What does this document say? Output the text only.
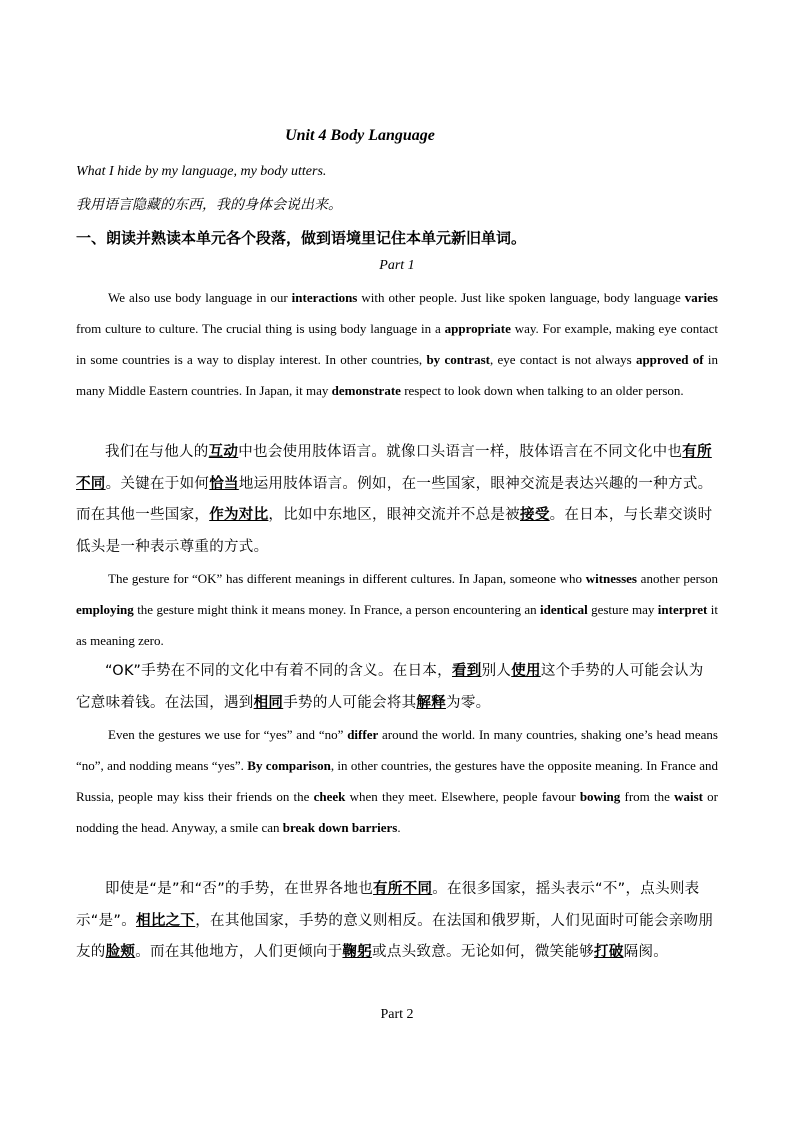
Unit 4 Body Language

What I hide by my language, my body utters.

我用语言隐藏的东西，我的身体会说出来。

一、朗读并熟读本单元各个段落，做到语境里记住本单元新旧单词。

Part 1

We also use body language in our interactions with other people. Just like spoken language, body language varies from culture to culture. The crucial thing is using body language in a appropriate way. For example, making eye contact in some countries is a way to display interest. In other countries, by contrast, eye contact is not always approved of in many Middle Eastern countries. In Japan, it may demonstrate respect to look down when talking to an older person.

我们在与他人的互动中也会使用肢体语言。就像口头语言一样，肢体语言在不同文化中也有所不同。关键在于如何恰当地运用肢体语言。例如，在一些国家，眼神交流是表达兴趣的一种方式。而在其他一些国家，作为对比，比如中东地区，眼神交流并不总是被接受。在日本，与长辈交谈时低头是一种表示尊重的方式。

The gesture for “OK” has different meanings in different cultures. In Japan, someone who witnesses another person employing the gesture might think it means money. In France, a person encountering an identical gesture may interpret it as meaning zero.

“OK”手势在不同的文化中有着不同的含义。在日本，看到别人使用这个手势的人可能会认为它意味着钱。在法国，遇到相同手势的人可能会将其解释为零。

Even the gestures we use for “yes” and “no” differ around the world. In many countries, shaking one’s head means “no”, and nodding means “yes”. By comparison, in other countries, the gestures have the opposite meaning. In France and Russia, people may kiss their friends on the cheek when they meet. Elsewhere, people favour bowing from the waist or nodding the head. Anyway, a smile can break down barriers.

即使是“是”和“否”的手势，在世界各地也有所不同。在很多国家，摇头表示“不”，点头则表示“是”。相比之下，在其他国家，手势的意义则相反。在法国和俄罗斯，人们见面时可能会亲吻朋友的脸颊。而在其他地方，人们更倾向于鞠躬或点头致意。无论如何，微笑能够打破隔阂。

Part 2
